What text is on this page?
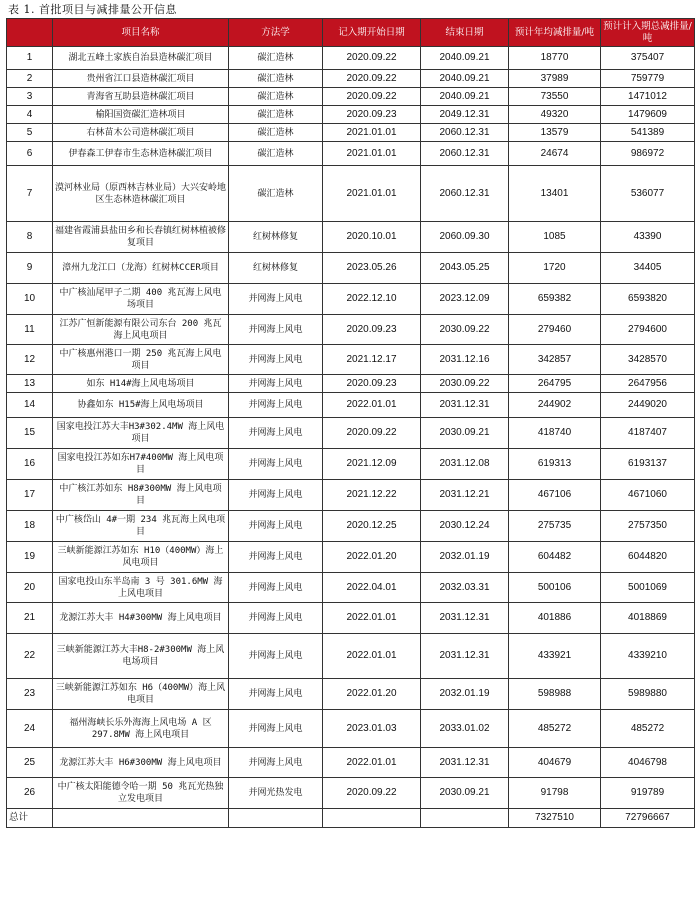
表 1. 首批项目与减排量公开信息
	项目名称	方法学	记入期开始日期	结束日期	预计年均减排量/吨	预计计入期总减排量/吨
1	湖北五峰土家族自治县造林碳汇项目	碳汇造林	2020.09.22	2040.09.21	18770	375407
2	贵州省江口县造林碳汇项目	碳汇造林	2020.09.22	2040.09.21	37989	759779
3	青海省互助县造林碳汇项目	碳汇造林	2020.09.22	2040.09.21	73550	1471012
4	榆阳国资碳汇造林项目	碳汇造林	2020.09.23	2049.12.31	49320	1479609
5	右林苗木公司造林碳汇项目	碳汇造林	2021.01.01	2060.12.31	13579	541389
6	伊春森工伊春市生态林造林碳汇项目	碳汇造林	2021.01.01	2060.12.31	24674	986972
7	漠河林业局（原西林吉林业局）大兴安岭地区生态林造林碳汇项目	碳汇造林	2021.01.01	2060.12.31	13401	536077
8	福建省霞浦县盐田乡和长春镇红树林植被修复项目	红树林修复	2020.10.01	2060.09.30	1085	43390
9	漳州九龙江口（龙海）红树林CCER项目	红树林修复	2023.05.26	2043.05.25	1720	34405
10	中广核汕尾甲子二期 400 兆瓦海上风电场项目	并网海上风电	2022.12.10	2023.12.09	659382	6593820
11	江苏广恒新能源有限公司东台 200 兆瓦海上风电项目	并网海上风电	2020.09.23	2030.09.22	279460	2794600
12	中广核惠州港口一期 250 兆瓦海上风电项目	并网海上风电	2021.12.17	2031.12.16	342857	3428570
13	如东 H14#海上风电场项目	并网海上风电	2020.09.23	2030.09.22	264795	2647956
14	协鑫如东 H15#海上风电场项目	并网海上风电	2022.01.01	2031.12.31	244902	2449020
15	国家电投江苏大丰H3#302.4MW 海上风电项目	并网海上风电	2020.09.22	2030.09.21	418740	4187407
16	国家电投江苏如东H7#400MW 海上风电项目	并网海上风电	2021.12.09	2031.12.08	619313	6193137
17	中广核江苏如东 H8#300MW 海上风电项目	并网海上风电	2021.12.22	2031.12.21	467106	4671060
18	中广核岱山 4#一期 234 兆瓦海上风电项目	并网海上风电	2020.12.25	2030.12.24	275735	2757350
19	三峡新能源江苏如东 H10（400MW）海上风电项目	并网海上风电	2022.01.20	2032.01.19	604482	6044820
20	国家电投山东半岛南 3 号 301.6MW 海上风电项目	并网海上风电	2022.04.01	2032.03.31	500106	5001069
21	龙源江苏大丰 H4#300MW 海上风电项目	并网海上风电	2022.01.01	2031.12.31	401886	4018869
22	三峡新能源江苏大丰H8-2#300MW 海上风电场项目	并网海上风电	2022.01.01	2031.12.31	433921	4339210
23	三峡新能源江苏如东 H6（400MW）海上风电项目	并网海上风电	2022.01.20	2032.01.19	598988	5989880
24	福州海峡长乐外海海上风电场 A 区 297.8MW 海上风电项目	并网海上风电	2023.01.03	2033.01.02	485272	485272
25	龙源江苏大丰 H6#300MW 海上风电项目	并网海上风电	2022.01.01	2031.12.31	404679	4046798
26	中广核太阳能德令哈一期 50 兆瓦光热独立发电项目	并网光热发电	2020.09.22	2030.09.21	91798	919789
总计					7327510	72796667
